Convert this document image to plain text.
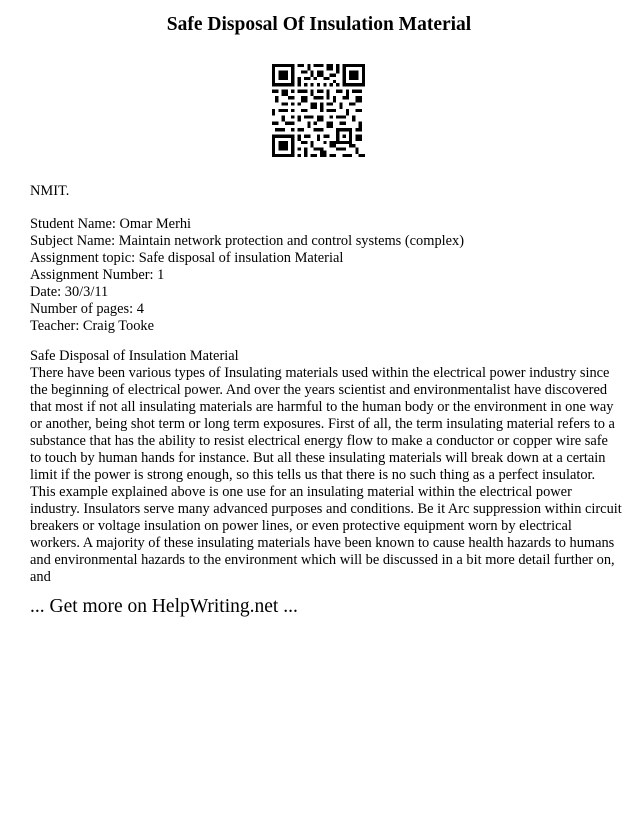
Safe Disposal Of Insulation Material
NMIT.
Student Name: Omar Merhi
Subject Name: Maintain network protection and control systems (complex)
Assignment topic: Safe disposal of insulation Material
Assignment Number: 1
Date: 30/3/11
Number of pages: 4
Teacher: Craig Tooke
Safe Disposal of Insulation Material
There have been various types of Insulating materials used within the electrical power industry since
the beginning of electrical power. And over the years scientist and environmentalist have discovered
that most if not all insulating materials are harmful to the human body or the environment in one way
or another, being shot term or long term exposures. First of all, the term insulating material refers to a
substance that has the ability to resist electrical energy flow to make a conductor or copper wire safe
to touch by human hands for instance. But all these insulating materials will break down at a certain
limit if the power is strong enough, so this tells us that there is no such thing as a perfect insulator.
This example explained above is one use for an insulating material within the electrical power
industry. Insulators serve many advanced purposes and conditions. Be it Arc suppression within circuit
breakers or voltage insulation on power lines, or even protective equipment worn by electrical
workers. A majority of these insulating materials have been known to cause health hazards to humans
and environmental hazards to the environment which will be discussed in a bit more detail further on,
and
... Get more on HelpWriting.net ...
